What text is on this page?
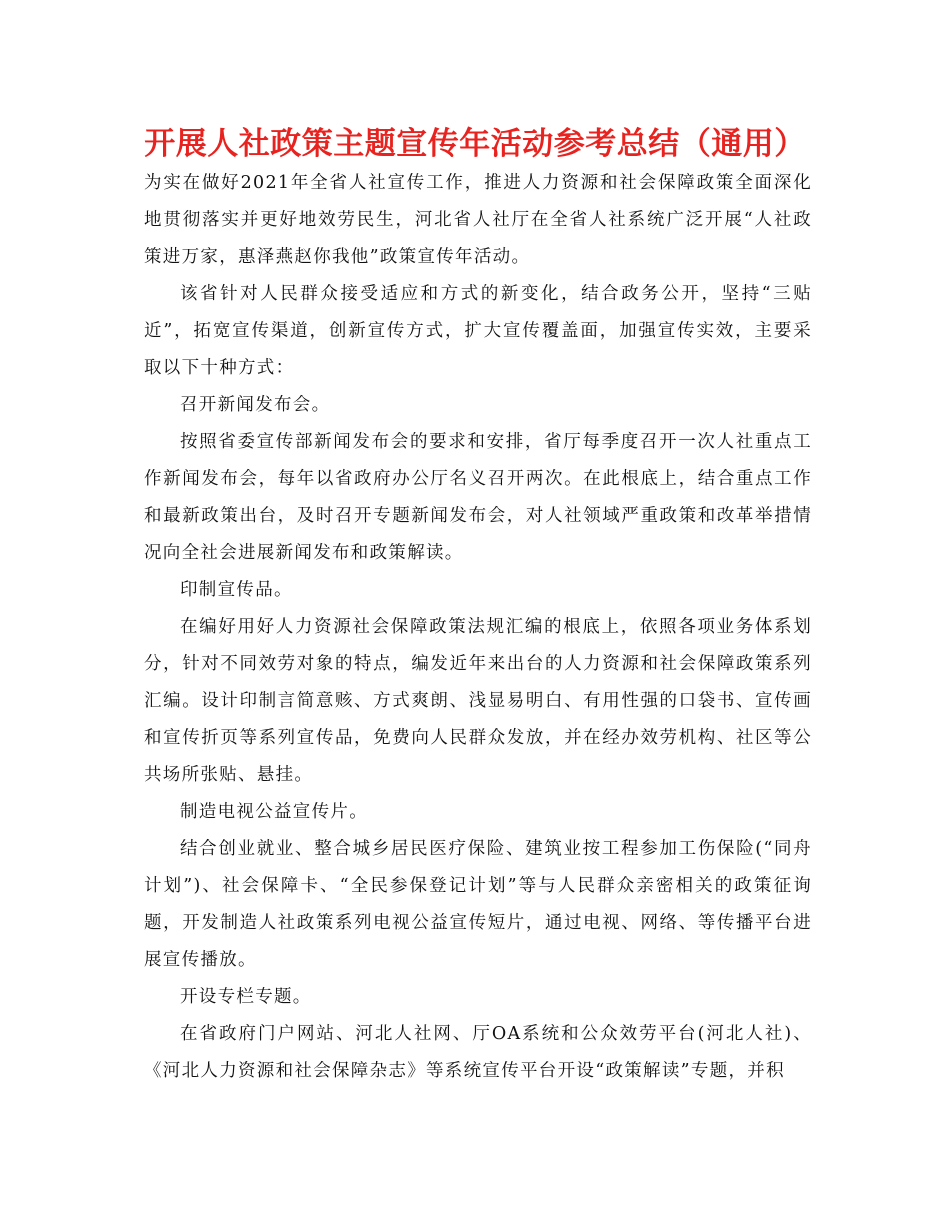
开展人社政策主题宣传年活动参考总结（通用）

为实在做好2021年全省人社宣传工作，推进人力资源和社会保障政策全面深化地贯彻落实并更好地效劳民生，河北省人社厅在全省人社系统广泛开展“人社政策进万家，惠泽燕赵你我他”政策宣传年活动。

该省针对人民群众接受适应和方式的新变化，结合政务公开，坚持“三贴近”，拓宽宣传渠道，创新宣传方式，扩大宣传覆盖面，加强宣传实效，主要采取以下十种方式：

召开新闻发布会。

按照省委宣传部新闻发布会的要求和安排，省厅每季度召开一次人社重点工作新闻发布会，每年以省政府办公厅名义召开两次。在此根底上，结合重点工作和最新政策出台，及时召开专题新闻发布会，对人社领域严重政策和改革举措情况向全社会进展新闻发布和政策解读。

印制宣传品。

在编好用好人力资源社会保障政策法规汇编的根底上，依照各项业务体系划分，针对不同效劳对象的特点，编发近年来出台的人力资源和社会保障政策系列汇编。设计印制言简意赅、方式爽朗、浅显易明白、有用性强的口袋书、宣传画和宣传折页等系列宣传品，免费向人民群众发放，并在经办效劳机构、社区等公共场所张贴、悬挂。

制造电视公益宣传片。

结合创业就业、整合城乡居民医疗保险、建筑业按工程参加工伤保险(“同舟计划”)、社会保障卡、“全民参保登记计划”等与人民群众亲密相关的政策征询题，开发制造人社政策系列电视公益宣传短片，通过电视、网络、等传播平台进展宣传播放。

开设专栏专题。

在省政府门户网站、河北人社网、厅OA系统和公众效劳平台(河北人社)、《河北人力资源和社会保障杂志》等系统宣传平台开设“政策解读”专题，并积
